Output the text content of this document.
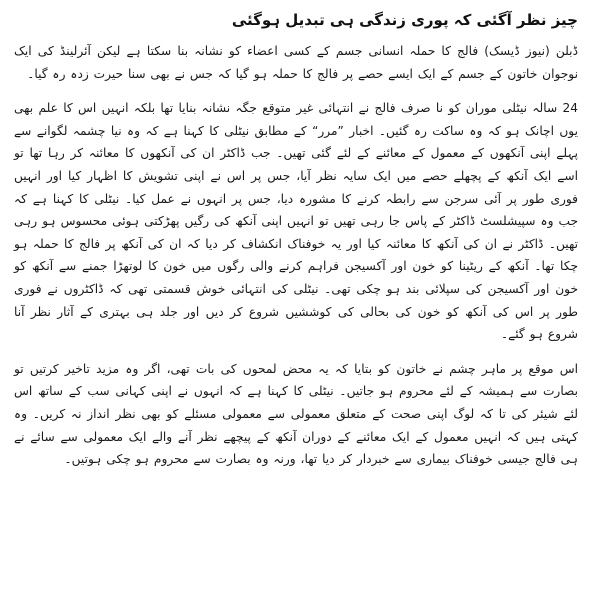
چیز نظر آگئی کہ پوری زندگی ہی تبدیل ہوگئی

ڈبلن (نیوز ڈیسک) فالج کا حملہ انسانی جسم کے کسی اعضاء کو نشانہ بنا سکتا ہے لیکن آئرلینڈ کی ایک نوجوان خاتون کے جسم کے ایک ایسے حصے پر فالج کا حملہ ہو گیا کہ جس نے بھی سنا حیرت زدہ رہ گیا۔

24 سالہ نیٹلی موران کو نا صرف فالج نے انتہائی غیر متوقع جگہ نشانہ بنایا تھا بلکہ انہیں اس کا علم بھی یوں اچانک ہو کہ وہ ساکت رہ گئیں۔ اخبار ”مرر“ کے مطابق نیٹلی کا کہنا ہے کہ وہ نیا چشمہ لگوانے سے پہلے اپنی آنکھوں کے معمول کے معائنے کے لئے گئی تھیں۔ جب ڈاکٹر ان کی آنکھوں کا معائنہ کر رہا تھا تو اسے ایک آنکھ کے پچھلے حصے میں ایک سایہ نظر آیا، جس پر اس نے اپنی تشویش کا اظہار کیا اور انہیں فوری طور پر آئی سرجن سے رابطہ کرنے کا مشورہ دیا، جس پر انہوں نے عمل کیا۔ نیٹلی کا کہنا ہے کہ جب وہ سپیشلسٹ ڈاکٹر کے پاس جا رہی تھیں تو انہیں اپنی آنکھ کی رگیں پھڑکتی ہوئی محسوس ہو رہی تھیں۔ ڈاکٹر نے ان کی آنکھ کا معائنہ کیا اور یہ خوفناک انکشاف کر دیا کہ ان کی آنکھ پر فالج کا حملہ ہو چکا تھا۔ آنکھ کے ریٹینا کو خون اور آکسیجن فراہم کرنے والی رگوں میں خون کا لوتھڑا جمنے سے آنکھ کو خون اور آکسیجن کی سپلائی بند ہو چکی تھی۔ نیٹلی کی انتہائی خوش قسمتی تھی کہ ڈاکٹروں نے فوری طور پر اس کی آنکھ کو خون کی بحالی کی کوششیں شروع کر دیں اور جلد ہی بہتری کے آثار نظر آنا شروع ہو گئے۔

اس موقع پر ماہر چشم نے خاتون کو بتایا کہ یہ محض لمحوں کی بات تھی، اگر وہ مزید تاخیر کرتیں تو بصارت سے ہمیشہ کے لئے محروم ہو جاتیں۔ نیٹلی کا کہنا ہے کہ انہوں نے اپنی کہانی سب کے ساتھ اس لئے شیئر کی تا کہ لوگ اپنی صحت کے متعلق معمولی سے معمولی مسئلے کو بھی نظر انداز نہ کریں۔ وہ کہتی ہیں کہ انہیں معمول کے ایک معائنے کے دوران آنکھ کے پیچھے نظر آنے والے ایک معمولی سے سائے نے ہی فالج جیسی خوفناک بیماری سے خبردار کر دیا تھا، ورنہ وہ بصارت سے محروم ہو چکی ہوتیں۔
